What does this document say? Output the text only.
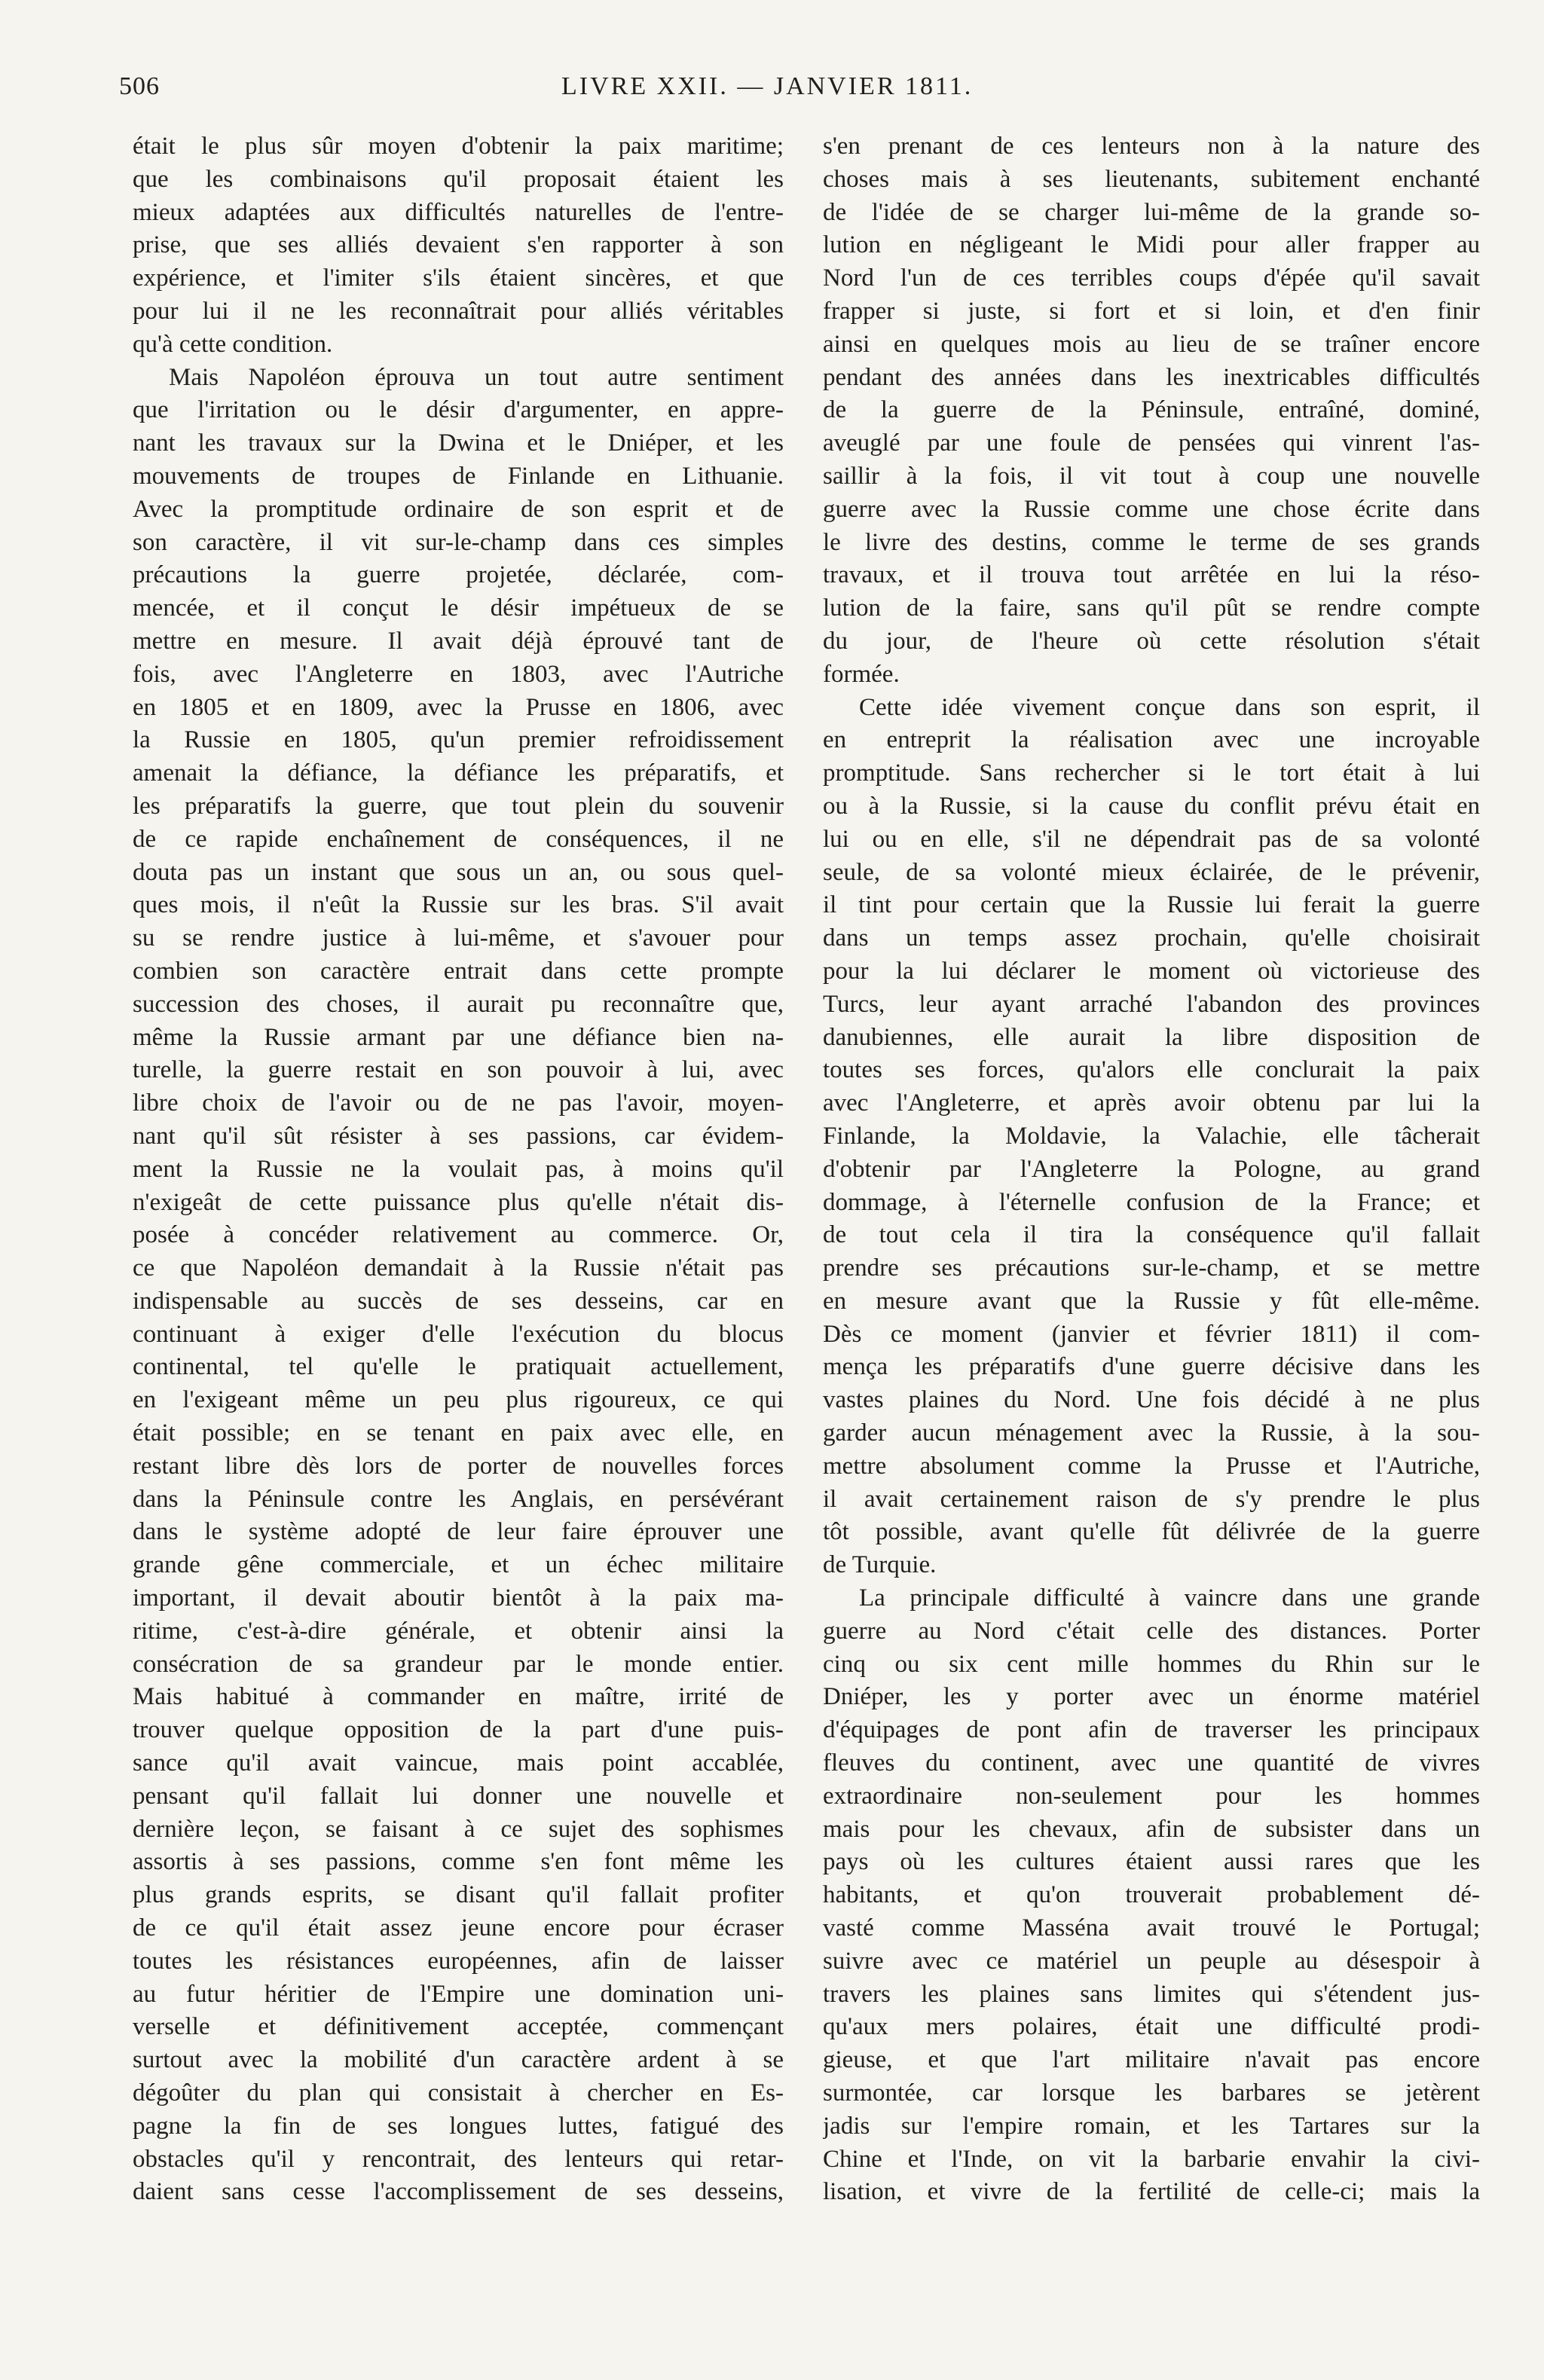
506	LIVRE XXII. — JANVIER 1811.
était le plus sûr moyen d'obtenir la paix maritime;
que les combinaisons qu'il proposait étaient les
mieux adaptées aux difficultés naturelles de l'entre-
prise, que ses alliés devaient s'en rapporter à son
expérience, et l'imiter s'ils étaient sincères, et que
pour lui il ne les reconnaîtrait pour alliés véritables
qu'à cette condition.
Mais Napoléon éprouva un tout autre sentiment
que l'irritation ou le désir d'argumenter, en appre-
nant les travaux sur la Dwina et le Dniéper, et les
mouvements de troupes de Finlande en Lithuanie.
Avec la promptitude ordinaire de son esprit et de
son caractère, il vit sur-le-champ dans ces simples
précautions la guerre projetée, déclarée, com-
mencée, et il conçut le désir impétueux de se
mettre en mesure. Il avait déjà éprouvé tant de
fois, avec l'Angleterre en 1803, avec l'Autriche
en 1805 et en 1809, avec la Prusse en 1806, avec
la Russie en 1805, qu'un premier refroidissement
amenait la défiance, la défiance les préparatifs, et
les préparatifs la guerre, que tout plein du souvenir
de ce rapide enchaînement de conséquences, il ne
douta pas un instant que sous un an, ou sous quel-
ques mois, il n'eût la Russie sur les bras. S'il avait
su se rendre justice à lui-même, et s'avouer pour
combien son caractère entrait dans cette prompte
succession des choses, il aurait pu reconnaître que,
même la Russie armant par une défiance bien na-
turelle, la guerre restait en son pouvoir à lui, avec
libre choix de l'avoir ou de ne pas l'avoir, moyen-
nant qu'il sût résister à ses passions, car évidem-
ment la Russie ne la voulait pas, à moins qu'il
n'exigeât de cette puissance plus qu'elle n'était dis-
posée à concéder relativement au commerce. Or,
ce que Napoléon demandait à la Russie n'était pas
indispensable au succès de ses desseins, car en
continuant à exiger d'elle l'exécution du blocus
continental, tel qu'elle le pratiquait actuellement,
en l'exigeant même un peu plus rigoureux, ce qui
était possible; en se tenant en paix avec elle, en
restant libre dès lors de porter de nouvelles forces
dans la Péninsule contre les Anglais, en persévérant
dans le système adopté de leur faire éprouver une
grande gêne commerciale, et un échec militaire
important, il devait aboutir bientôt à la paix ma-
ritime, c'est-à-dire générale, et obtenir ainsi la
consécration de sa grandeur par le monde entier.
Mais habitué à commander en maître, irrité de
trouver quelque opposition de la part d'une puis-
sance qu'il avait vaincue, mais point accablée,
pensant qu'il fallait lui donner une nouvelle et
dernière leçon, se faisant à ce sujet des sophismes
assortis à ses passions, comme s'en font même les
plus grands esprits, se disant qu'il fallait profiter
de ce qu'il était assez jeune encore pour écraser
toutes les résistances européennes, afin de laisser
au futur héritier de l'Empire une domination uni-
verselle et définitivement acceptée, commençant
surtout avec la mobilité d'un caractère ardent à se
dégoûter du plan qui consistait à chercher en Es-
pagne la fin de ses longues luttes, fatigué des
obstacles qu'il y rencontrait, des lenteurs qui retar-
daient sans cesse l'accomplissement de ses desseins,
s'en prenant de ces lenteurs non à la nature des
choses mais à ses lieutenants, subitement enchanté
de l'idée de se charger lui-même de la grande so-
lution en négligeant le Midi pour aller frapper au
Nord l'un de ces terribles coups d'épée qu'il savait
frapper si juste, si fort et si loin, et d'en finir
ainsi en quelques mois au lieu de se traîner encore
pendant des années dans les inextricables difficultés
de la guerre de la Péninsule, entraîné, dominé,
aveuglé par une foule de pensées qui vinrent l'as-
saillir à la fois, il vit tout à coup une nouvelle
guerre avec la Russie comme une chose écrite dans
le livre des destins, comme le terme de ses grands
travaux, et il trouva tout arrêtée en lui la réso-
lution de la faire, sans qu'il pût se rendre compte
du jour, de l'heure où cette résolution s'était
formée.
Cette idée vivement conçue dans son esprit, il
en entreprit la réalisation avec une incroyable
promptitude. Sans rechercher si le tort était à lui
ou à la Russie, si la cause du conflit prévu était en
lui ou en elle, s'il ne dépendrait pas de sa volonté
seule, de sa volonté mieux éclairée, de le prévenir,
il tint pour certain que la Russie lui ferait la guerre
dans un temps assez prochain, qu'elle choisirait
pour la lui déclarer le moment où victorieuse des
Turcs, leur ayant arraché l'abandon des provinces
danubiennes, elle aurait la libre disposition de
toutes ses forces, qu'alors elle conclurait la paix
avec l'Angleterre, et après avoir obtenu par lui la
Finlande, la Moldavie, la Valachie, elle tâcherait
d'obtenir par l'Angleterre la Pologne, au grand
dommage, à l'éternelle confusion de la France; et
de tout cela il tira la conséquence qu'il fallait
prendre ses précautions sur-le-champ, et se mettre
en mesure avant que la Russie y fût elle-même.
Dès ce moment (janvier et février 1811) il com-
mença les préparatifs d'une guerre décisive dans les
vastes plaines du Nord. Une fois décidé à ne plus
garder aucun ménagement avec la Russie, à la sou-
mettre absolument comme la Prusse et l'Autriche,
il avait certainement raison de s'y prendre le plus
tôt possible, avant qu'elle fût délivrée de la guerre
de Turquie.
La principale difficulté à vaincre dans une grande
guerre au Nord c'était celle des distances. Porter
cinq ou six cent mille hommes du Rhin sur le
Dniéper, les y porter avec un énorme matériel
d'équipages de pont afin de traverser les principaux
fleuves du continent, avec une quantité de vivres
extraordinaire non-seulement pour les hommes
mais pour les chevaux, afin de subsister dans un
pays où les cultures étaient aussi rares que les
habitants, et qu'on trouverait probablement dé-
vasté comme Masséna avait trouvé le Portugal;
suivre avec ce matériel un peuple au désespoir à
travers les plaines sans limites qui s'étendent jus-
qu'aux mers polaires, était une difficulté prodi-
gieuse, et que l'art militaire n'avait pas encore
surmontée, car lorsque les barbares se jetèrent
jadis sur l'empire romain, et les Tartares sur la
Chine et l'Inde, on vit la barbarie envahir la civi-
lisation, et vivre de la fertilité de celle-ci; mais la
